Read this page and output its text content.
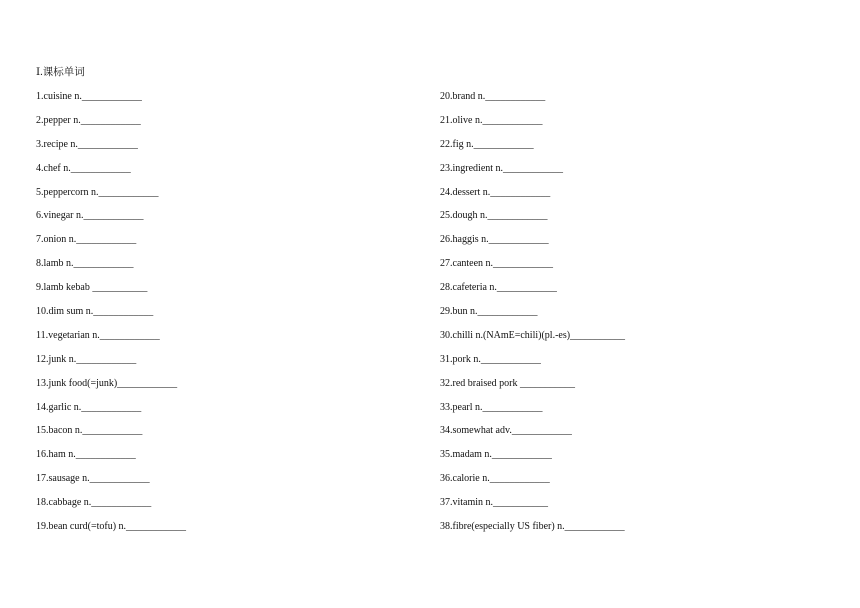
Ⅰ.课标单词
1.cuisine n.____________
2.pepper n.____________
3.recipe n.____________
4.chef n.____________
5.peppercorn n.____________
6.vinegar n.____________
7.onion n.____________
8.lamb n.____________
9.lamb kebab ___________
10.dim sum n.____________
11.vegetarian n.____________
12.junk n.____________
13.junk food(=junk)____________
14.garlic n.____________
15.bacon n.____________
16.ham n.____________
17.sausage n.____________
18.cabbage n.____________
19.bean curd(=tofu) n.____________
20.brand n.____________
21.olive n.____________
22.fig n.____________
23.ingredient n.____________
24.dessert n.____________
25.dough n.____________
26.haggis n.____________
27.canteen n.____________
28.cafeteria n.____________
29.bun n.____________
30.chilli n.(NAmE=chili)(pl.-es)___________
31.pork n.____________
32.red braised pork ___________
33.pearl n.____________
34.somewhat adv.____________
35.madam n.____________
36.calorie n.____________
37.vitamin n.___________
38.fibre(especially US fiber) n.____________
